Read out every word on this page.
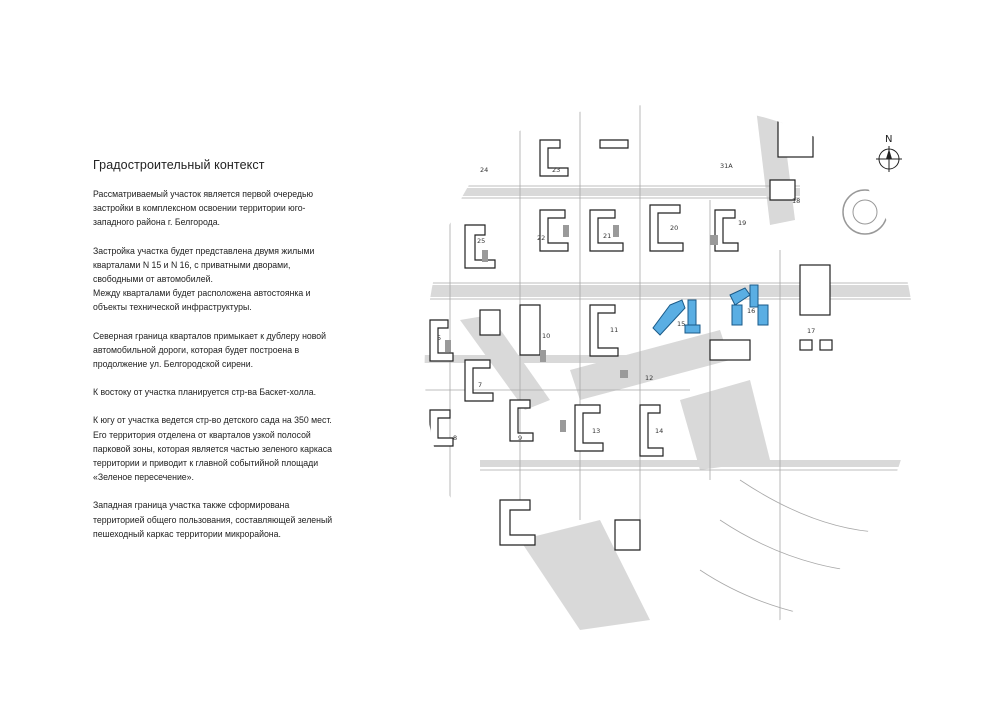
Градостроительный контекст

Рассматриваемый участок является первой очередью
застройки в комплексном освоении территории юго-
западного района г. Белгорода.

Застройка участка будет представлена двумя жилыми
кварталами N 15 и N 16, с приватными дворами,
свободными от автомобилей.
Между кварталами будет расположена автостоянка и
объекты технической инфраструктуры.

Северная граница кварталов примыкает к дублеру новой
автомобильной дороги, которая будет построена в
продолжение ул. Белгородской сирени.

К востоку от участка планируется стр-ва Баскет-холла.

К югу от участка ведется стр-во детского сада на 350 мест.
Его территория отделена от кварталов узкой полосой
парковой зоны, которая является частью зеленого каркаса
территории и приводит к главной событийной площади
«Зеленое пересечение».

Западная граница участка также сформирована
территорией общего пользования, составляющей зеленый
пешеходный каркас территории микрорайона.

N
31А
24	23
18
25	22	21
20
19
15
16
5	10
11	17
7
12
8	9
13	14
